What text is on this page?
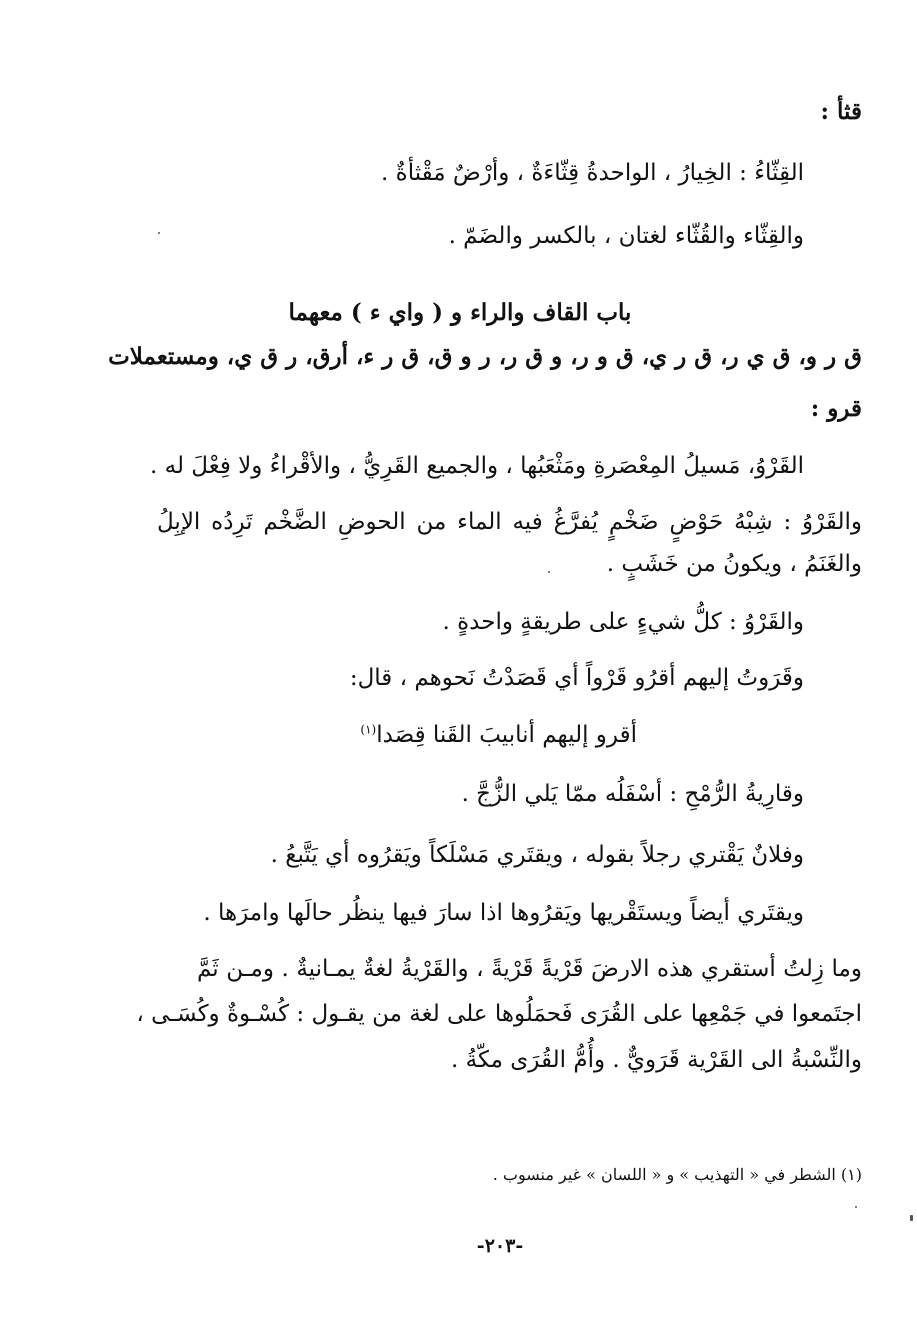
قثأ :
القِثّاءُ : الخِيارُ ، الواحدةُ قِثّاءَةٌ ، وأرْضٌ مَقْثأةٌ .
والقِثّاء والقُثّاء لغتان ، بالكسر والضَمّ .
باب القاف والراء و ( واي ء ) معهما
ق ر و، ق ي ر، ق ر ي، ق و ر، و ق ر، ر و ق، ق ر ء، أرق، ر ق ي، ومستعملات
قرو :
القَرْوُ، مَسيلُ المِعْصَرةِ ومَثْعَبُها ، والجميع القَرِيُّ ، والأقْراءُ ولا فِعْلَ له .
والقَرْوُ : شِبْهُ حَوْضٍ ضَخْمٍ يُفرَّغُ فيه الماء من الحوضِ الضَّخْم تَرِدُه الإبِلُ
والغَنَمُ ، ويكونُ من خَشَبٍ .
والقَرْوُ : كلُّ شيءٍ على طريقةٍ واحدةٍ .
وقَرَوتُ إليهم أقرُو قَرْواً أي قَصَدْتُ نَحوهم ، قال:
أقرو إليهم أنابيبَ القَنا قِصَدا$^{(١)}$
وقارِيةُ الرُّمْحِ : أسْفَلُه ممّا يَلي الزُّجَّ .
وفلانٌ يَقْتري رجلاً بقوله ، ويقتَري مَسْلَكاً ويَقرُوه أي يَتَّبعُ .
ويقتَري أيضاً ويستَقْريها ويَقرُوها اذا سارَ فيها ينظُر حالَها وامرَها .
وما زِلتُ أستقري هذه الارضَ قَرْيةً قَرْيةً ، والقَرْيةُ لغةٌ يمـانيةٌ . ومـن ثَمَّ
اجتَمعوا في جَمْعِها على القُرَى فَحمَلُوها على لغة من يقـول : كُسْـوةٌ وكُسَـى ،
والنِّسْبةُ الى القَرْية قَرَويٌّ . وأُمُّ القُرَى مكّةُ .
(١) الشطر في « التهذيب » و « اللسان » غير منسوب .
-٢٠٣-
